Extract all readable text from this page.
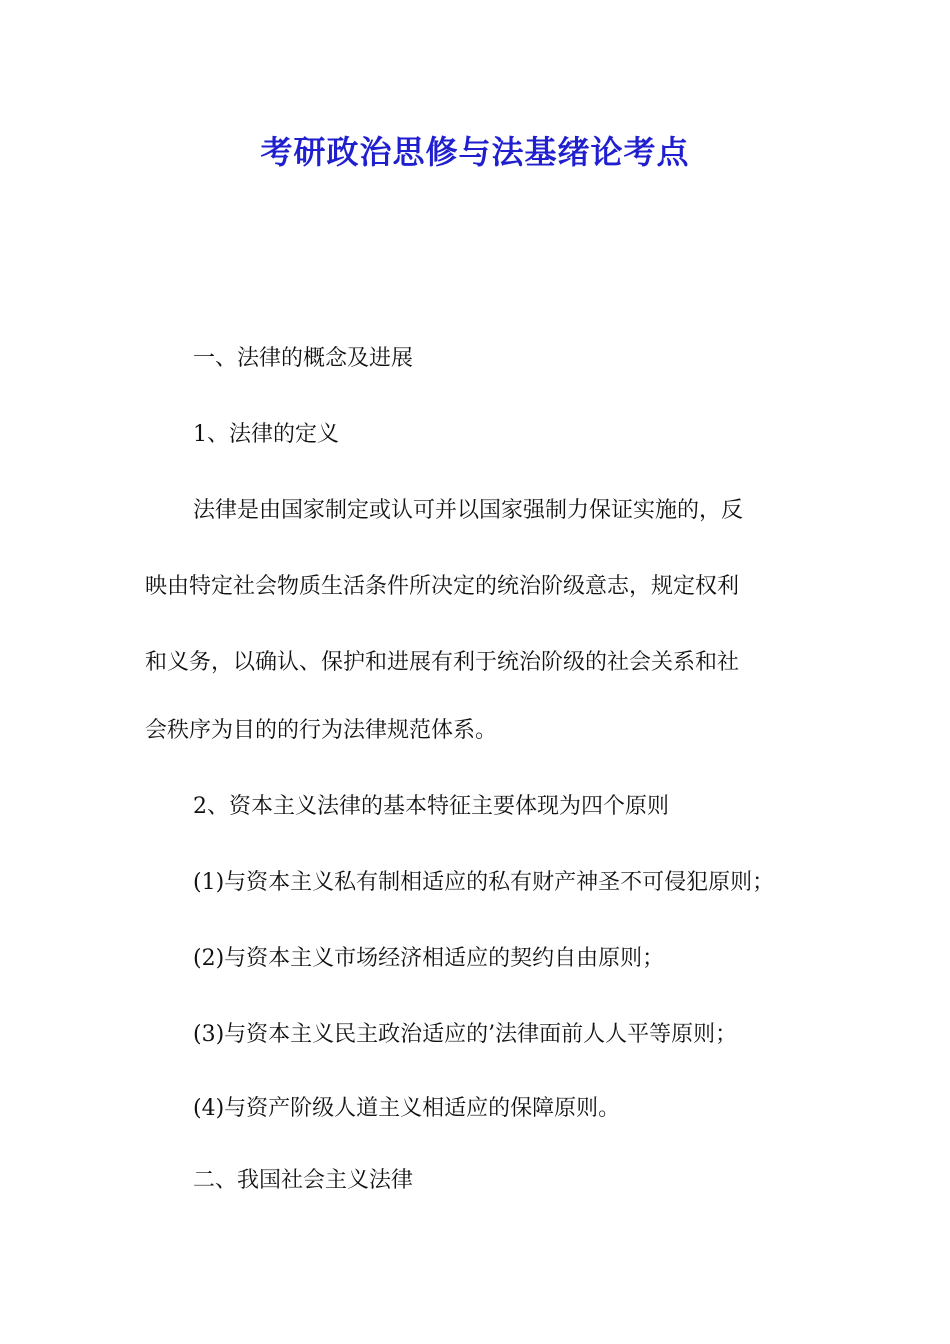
考研政治思修与法基绪论考点
一、法律的概念及进展
1、法律的定义
法律是由国家制定或认可并以国家强制力保证实施的，反
映由特定社会物质生活条件所决定的统治阶级意志，规定权利
和义务，以确认、保护和进展有利于统治阶级的社会关系和社
会秩序为目的的行为法律规范体系。
2、资本主义法律的基本特征主要体现为四个原则
(1)与资本主义私有制相适应的私有财产神圣不可侵犯原则；
(2)与资本主义市场经济相适应的契约自由原则；
(3)与资本主义民主政治适应的’法律面前人人平等原则；
(4)与资产阶级人道主义相适应的保障原则。
二、我国社会主义法律
